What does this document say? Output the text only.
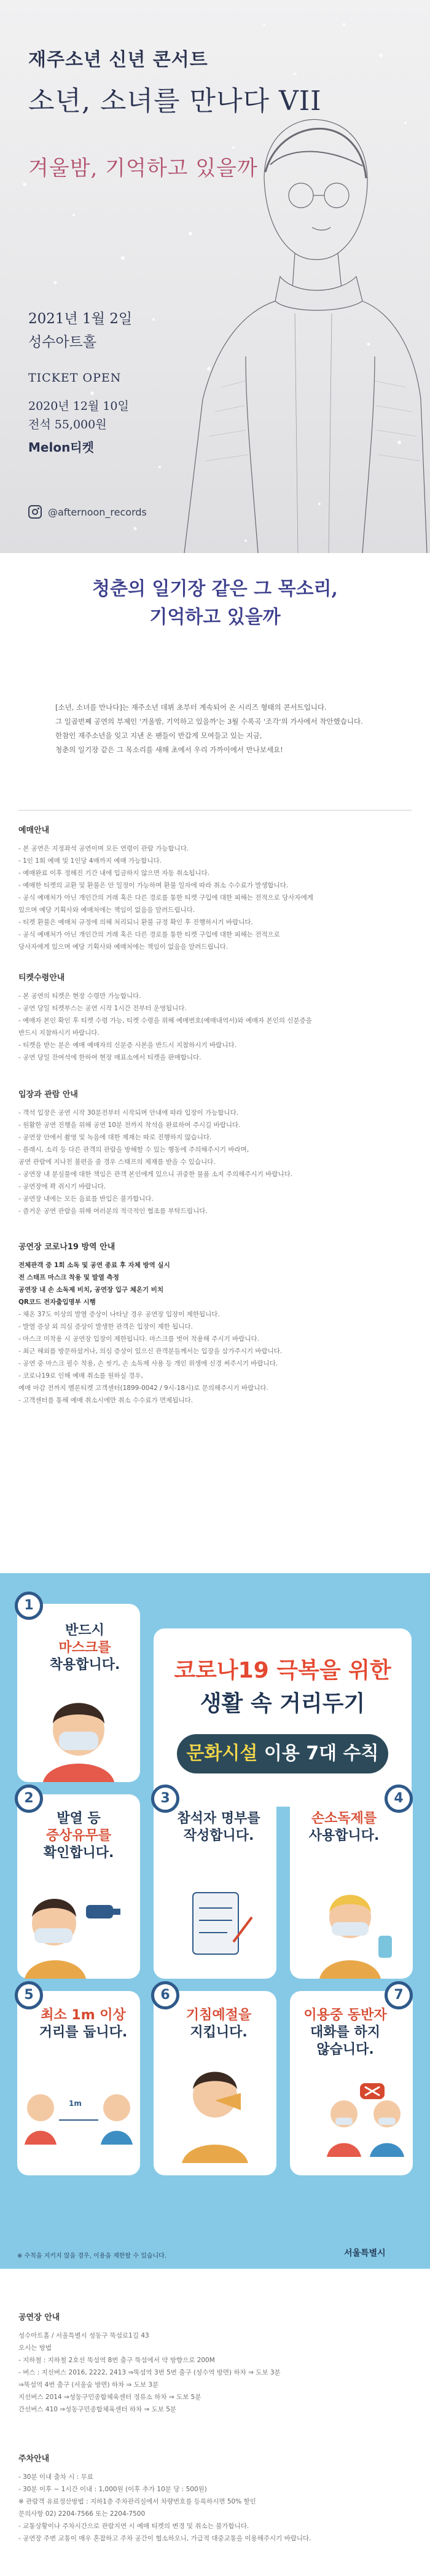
재주소년 신년 콘서트
소년, 소녀를 만나다 VII
겨울밤, 기억하고 있을까
2021년 1월 2일
성수아트홀
TICKET OPEN
2020년 12월 10일
전석 55,000원
Melon티켓
@afternoon_records
청춘의 일기장 같은 그 목소리,
기억하고 있을까
[소년, 소녀를 만나다]는 재주소년 데뷔 초부터 계속되어 온 시리즈 형태의 콘서트입니다.
그 일곱번째 공연의 부제인 '겨울밤, 기억하고 있을까'는 3월 수록곡 '조각'의 가사에서 착안했습니다.
한참인 재주소년을 잊고 지낸 온 팬들이 반갑게 모여들고 있는 지금,
청춘의 일기장 같은 그 목소리를 새해 초에서 우리 가까이에서 만나보세요!
예매안내
- 본 공연은 지정좌석 공연이며 모든 연령이 관람 가능합니다.
- 1인 1회 예매 및 1인당 4매까지 예매 가능합니다.
- 예매완료 이후 정해진 기간 내에 입금하지 않으면 자동 취소됩니다.
- 예매한 티켓의 교환 및 환불은 안 일정이 가능하며 환불 일자에 따라 취소 수수료가 발생합니다.
- 공식 예매처가 아닌 개인간의 거래 혹은 다른 경로를 통한 티켓 구입에 대한 피해는 전적으로 당사자에게
있으며 예당 기획사와 예매처에는 책임이 없음을 알려드립니다.
- 티켓 환불은 예매처 규정에 의해 처리되니 환불 규정 확인 후 진행하시기 바랍니다.
- 공식 예매처가 아닌 개인간의 거래 혹은 다른 경로를 통한 티켓 구입에 대한 피해는 전적으로
당사자에게 있으며 예당 기획사와 예매처에는 책임이 없음을 알려드립니다.
티켓수령안내
- 본 공연의 티켓은 현장 수령만 가능합니다.
- 공연 당일 티켓부스는 공연 시작 1시간 전부터 운영됩니다.
- 예매자 본인 확인 후 티켓 수령 가능, 티켓 수령을 위해 예매번호(예매내역서)와 예매자 본인의 신분증을
반드시 지참하시기 바랍니다.
- 티켓을 받는 분은 예매 예매자의 신분증 사본을 반드시 지참하시기 바랍니다.
- 공연 당일 잔여석에 한하여 현장 매표소에서 티켓을 판매합니다.
입장과 관람 안내
- 객석 입장은 공연 시작 30분전부터 시작되며 안내에 따라 입장이 가능합니다.
- 원활한 공연 진행을 위해 공연 10분 전까지 착석을 완료하여 주시길 바랍니다.
- 공연장 안에서 촬영 및 녹음에 대한 제재는 따로 진행하지 않습니다.
- 플래시, 소리 등 다른 관객의 관람을 방해할 수 있는 행동에 주의해주시기 바라며,
공연 관람에 지나친 불편을 줄 경우 스태프의 제재를 받을 수 있습니다.
- 공연장 내 분실물에 대한 책임은 관객 본인에게 있으니 귀중한 물품 소지 주의해주시기 바랍니다.
- 공연장에 꽉 쥐시기 바랍니다.
- 공연장 내에는 모든 음료를 반입은 불가합니다.
- 즐거운 공연 관람을 위해 여러분의 적극적인 협조를 부탁드립니다.
공연장 코로나19 방역 안내
전체관객 중 1회 소독 및 공연 종료 후 자체 방역 실시
전 스태프 마스크 착용 및 발열 측정
공연장 내 손 소독제 비치, 공연장 입구 체온기 비치
QR코드 전자출입명부 시행
- 체온 37도 이상의 발열 증상이 나타날 경우 공연장 입장이 제한됩니다.
- 발열 증상 외 의심 증상이 발생한 관객은 입장이 제한 됩니다.
- 마스크 미착용 시 공연장 입장이 제한됩니다. 마스크를 벗어 착용해 주시기 바랍니다.
- 최근 해외를 방문하셨거나, 의심 증상이 있으신 관객분들께서는 입장을 삼가주시기 바랍니다.
- 공연 중 마스크 필수 착용, 손 씻기, 손 소독제 사용 등 개인 위생에 신경 써주시기 바랍니다.
- 코로나19로 인해 예매 취소를 원하실 경우,
예매 마감 전까지 멜론티켓 고객센터(1899-0042 / 9시-18시)로 문의해주시기 바랍니다.
- 고객센터를 통해 예매 취소시에만 취소 수수료가 면제됩니다.
코로나19 극복을 위한
생활 속 거리두기
문화시설 이용 7대 수칙
1
반드시
마스크를
착용합니다.
2
발열 등
증상유무를
확인합니다.
3
참석자 명부를
작성합니다.
4
손소독제를
사용합니다.
5
최소 1m 이상
거리를 둡니다.
1m
6
기침예절을
지킵니다.
7
이용중 동반자
대화를 하지
않습니다.
※ 수칙을 지키지 않을 경우, 이용을 제한할 수 있습니다.	서울특별시
공연장 안내
성수아트홀 / 서울특별시 성동구 뚝섬로1길 43
오시는 방법
- 지하철 : 지하철 2호선 뚝섬역 8번 출구 뚝섬에서 약 방향으로 200M
- 버스 : 지선버스 2016, 2222, 2413 ⇒뚝섬역 3번 5번 출구 (성수역 방면) 하차 ⇒ 도보 3분
⇒뚝섬역 4번 출구 (서울숲 방면) 하차 ⇒ 도보 3분
지선버스 2014 ⇒성동구민종합체육센터 정류소 하차 ⇒ 도보 5분
간선버스 410 ⇒성동구민종합체육센터 하차 ⇒ 도보 5분
주차안내
- 30분 이내 출차 시 : 무료
- 30분 이후 ~ 1시간 이내 : 1,000원 (이후 추가 10분 당 : 500원)
※ 관람객 유료정산방법 : 지하1층 주차관리실에서 차량번호를 등록하시면 50% 할인
문의사항 02) 2204-7566 또는 2204-7500
- 교통상황이나 주차시간으로 관람지연 시 예매 티켓의 변경 및 취소는 불가합니다.
- 공연장 주변 교통이 매우 혼잡하고 주차 공간이 협소하오니, 가급적 대중교통을 이용해주시기 바랍니다.
